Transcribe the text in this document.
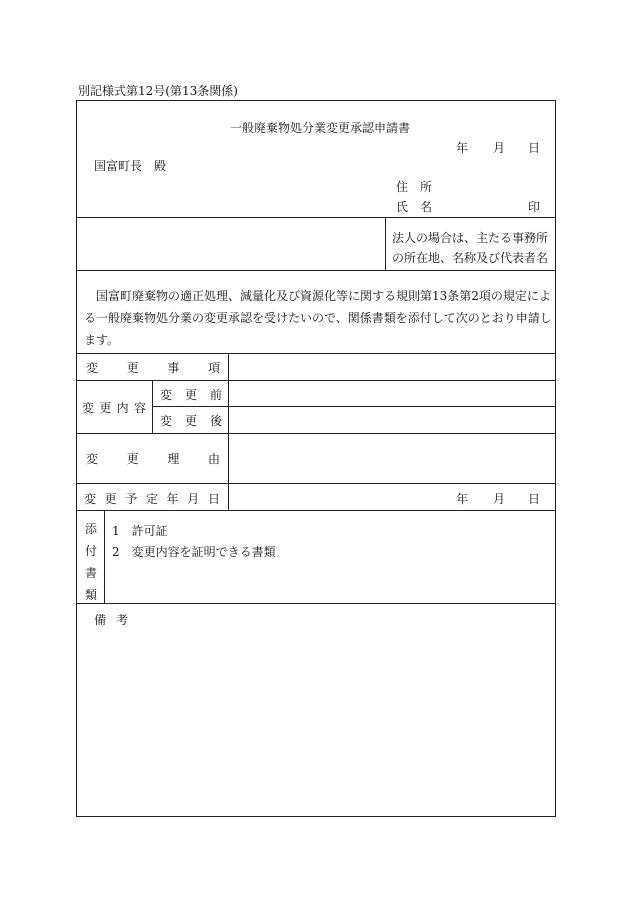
別記様式第12号(第13条関係)
一般廃棄物処分業変更承認申請書
年 月 日
国富町長　殿
住 所
氏 名	印
法人の場合は、主たる事務所
の所在地、名称及び代表者名
国富町廃棄物の適正処理、減量化及び資源化等に関する規則第13条第2項の規定による一般廃棄物処分業の変更承認を受けたいので、関係書類を添付して次のとおり申請します。
変 更 事 項
変 更 内 容
変 更 前
変 更 後
変 更 理 由
変 更 予 定 年 月 日	年 月 日
添
付
書
類
1　許可証
2　変更内容を証明できる書類
備 考
